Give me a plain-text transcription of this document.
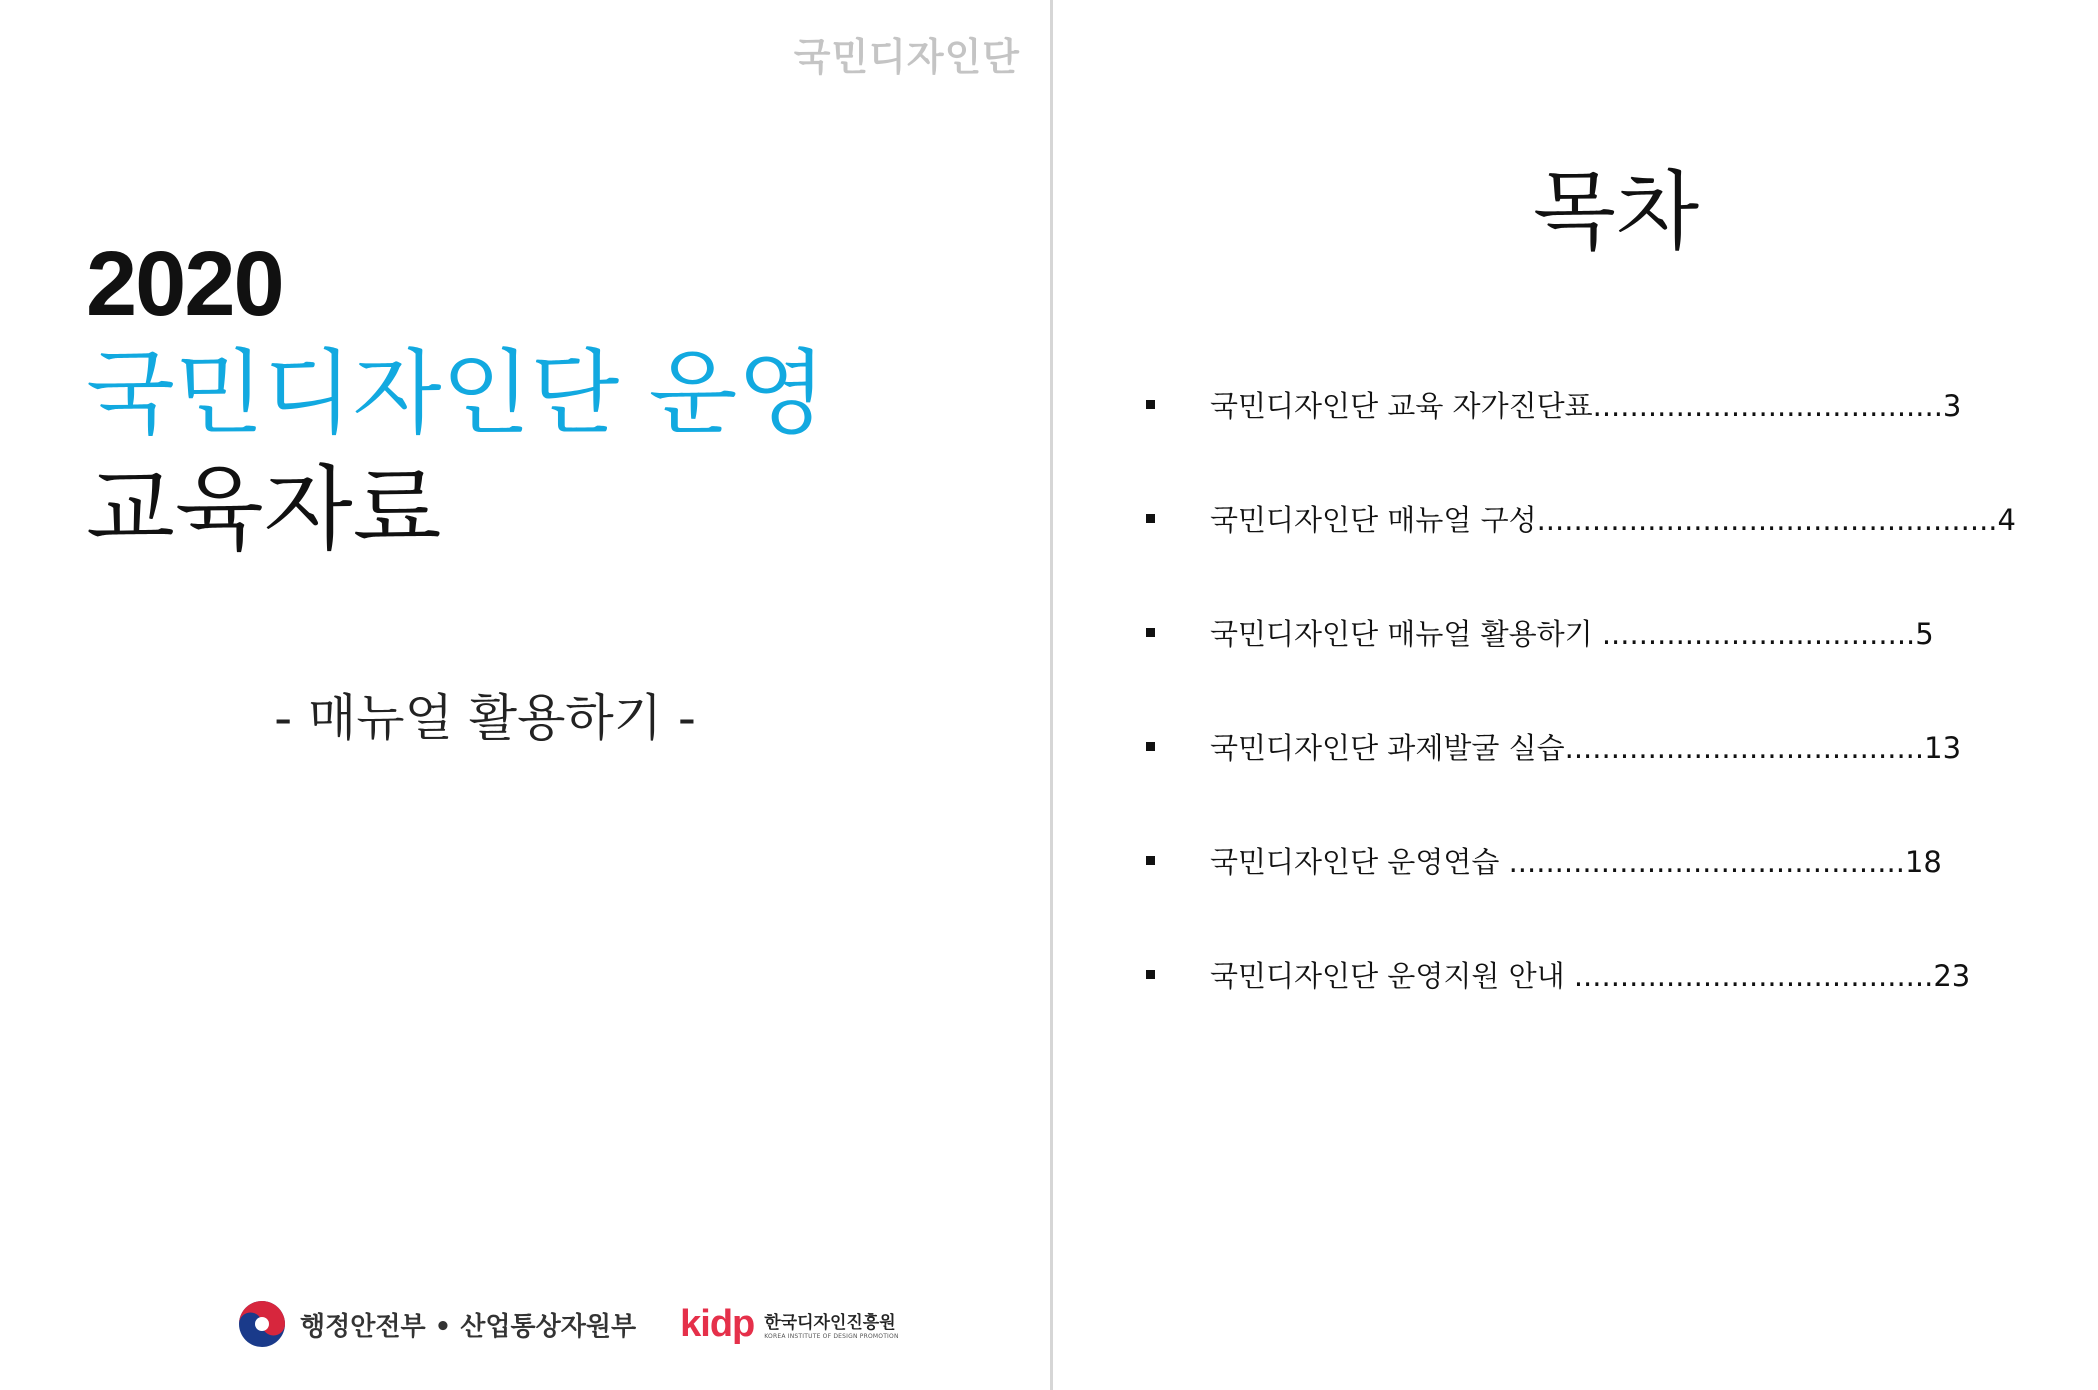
국민디자인단
2020
국민디자인단 운영
교육자료
- 매뉴얼 활용하기 -
행정안전부 • 산업통상자원부 kidp 한국디자인진흥원
KOREA INSTITUTE OF DESIGN PROMOTION
목차
국민디자인단 교육 자가진단표......................................3
국민디자인단 매뉴얼 구성..................................................4
국민디자인단 매뉴얼 활용하기 ..................................5
국민디자인단 과제발굴 실습.......................................13
국민디자인단 운영연습 ...........................................18
국민디자인단 운영지원 안내 .......................................23
